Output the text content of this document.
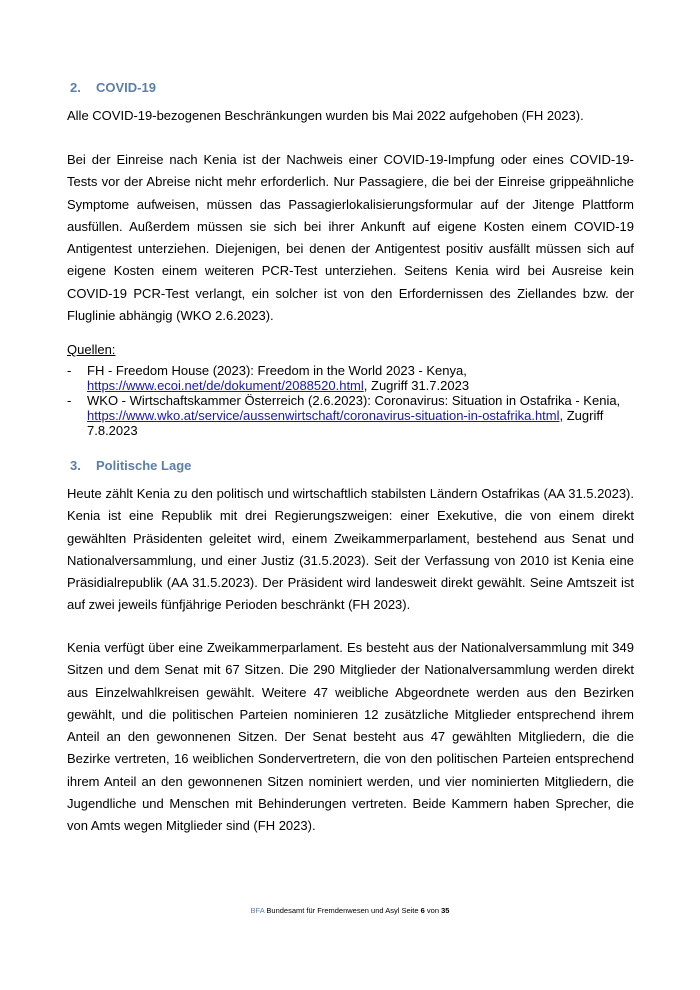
2. COVID-19
Alle COVID-19-bezogenen Beschränkungen wurden bis Mai 2022 aufgehoben (FH 2023).
Bei der Einreise nach Kenia ist der Nachweis einer COVID-19-Impfung oder eines COVID-19-Tests vor der Abreise nicht mehr erforderlich. Nur Passagiere, die bei der Einreise grippeähnliche Symptome aufweisen, müssen das Passagierlokalisierungsformular auf der Jitenge Plattform ausfüllen. Außerdem müssen sie sich bei ihrer Ankunft auf eigene Kosten einem COVID-19 Antigentest unterziehen. Diejenigen, bei denen der Antigentest positiv ausfällt müssen sich auf eigene Kosten einem weiteren PCR-Test unterziehen. Seitens Kenia wird bei Ausreise kein COVID-19 PCR-Test verlangt, ein solcher ist von den Erfordernissen des Ziellandes bzw. der Fluglinie abhängig (WKO 2.6.2023).
Quellen:
- FH - Freedom House (2023): Freedom in the World 2023 - Kenya,
https://www.ecoi.net/de/dokument/2088520.html, Zugriff 31.7.2023
- WKO - Wirtschaftskammer Österreich (2.6.2023): Coronavirus: Situation in Ostafrika - Kenia,
https://www.wko.at/service/aussenwirtschaft/coronavirus-situation-in-ostafrika.html, Zugriff 7.8.2023
3. Politische Lage
Heute zählt Kenia zu den politisch und wirtschaftlich stabilsten Ländern Ostafrikas (AA 31.5.2023). Kenia ist eine Republik mit drei Regierungszweigen: einer Exekutive, die von einem direkt gewählten Präsidenten geleitet wird, einem Zweikammerparlament, bestehend aus Senat und Nationalversammlung, und einer Justiz (31.5.2023). Seit der Verfassung von 2010 ist Kenia eine Präsidialrepublik (AA 31.5.2023). Der Präsident wird landesweit direkt gewählt. Seine Amtszeit ist auf zwei jeweils fünfjährige Perioden beschränkt (FH 2023).
Kenia verfügt über eine Zweikammerparlament. Es besteht aus der Nationalversammlung mit 349 Sitzen und dem Senat mit 67 Sitzen. Die 290 Mitglieder der Nationalversammlung werden direkt aus Einzelwahlkreisen gewählt. Weitere 47 weibliche Abgeordnete werden aus den Bezirken gewählt, und die politischen Parteien nominieren 12 zusätzliche Mitglieder entsprechend ihrem Anteil an den gewonnenen Sitzen. Der Senat besteht aus 47 gewählten Mitgliedern, die die Bezirke vertreten, 16 weiblichen Sondervertretern, die von den politischen Parteien entsprechend ihrem Anteil an den gewonnenen Sitzen nominiert werden, und vier nominierten Mitgliedern, die Jugendliche und Menschen mit Behinderungen vertreten. Beide Kammern haben Sprecher, die von Amts wegen Mitglieder sind (FH 2023).
BFA Bundesamt für Fremdenwesen und Asyl Seite 6 von 35
